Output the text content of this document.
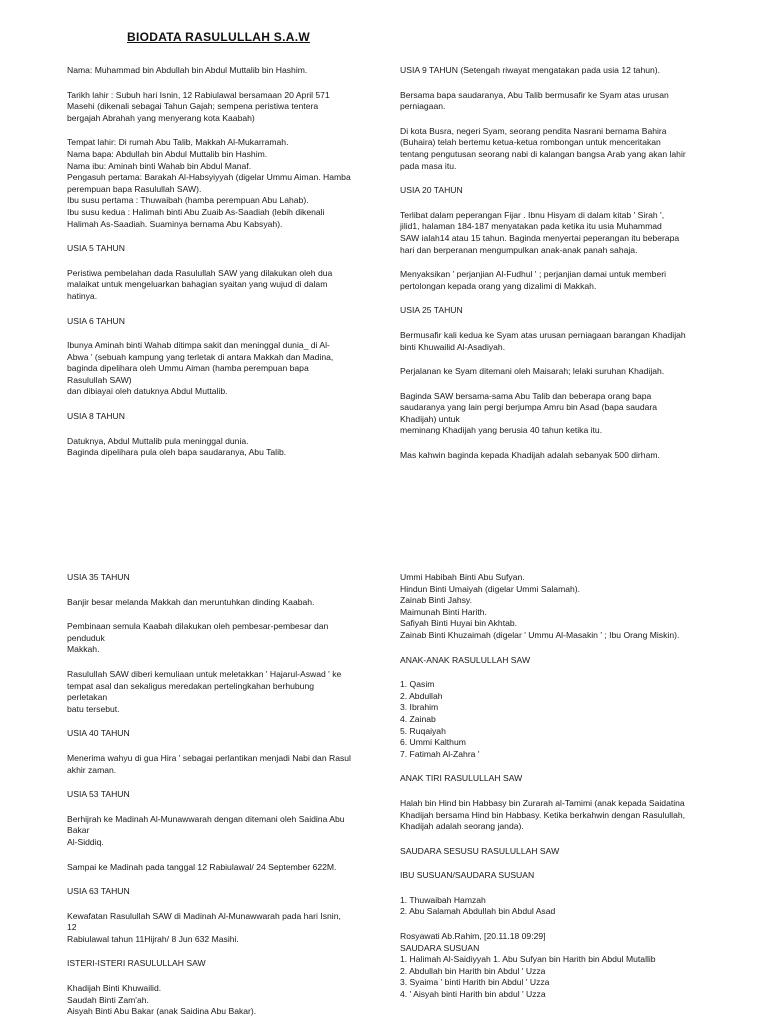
BIODATA RASULULLAH S.A.W

Nama: Muhammad bin Abdullah bin Abdul Muttalib bin Hashim.

Tarikh lahir : Subuh hari Isnin, 12 Rabiulawal bersamaan 20 April 571
Masehi (dikenali sebagai Tahun Gajah; sempena peristiwa tentera
bergajah Abrahah yang menyerang kota Kaabah)

Tempat lahir: Di rumah Abu Talib, Makkah Al-Mukarramah.
Nama bapa: Abdullah bin Abdul Muttalib bin Hashim.
Nama ibu: Aminah binti Wahab bin Abdul Manaf.
Pengasuh pertama: Barakah Al-Habsyiyyah (digelar Ummu Aiman. Hamba
perempuan bapa Rasulullah SAW).
Ibu susu pertama : Thuwaibah (hamba perempuan Abu Lahab).
Ibu susu kedua : Halimah binti Abu Zuaib As-Saadiah (lebih dikenali
Halimah As-Saadiah. Suaminya bernama Abu Kabsyah).

USIA 5 TAHUN

Peristiwa pembelahan dada Rasulullah SAW yang dilakukan oleh dua
malaikat untuk mengeluarkan bahagian syaitan yang wujud di dalam
hatinya.

USIA 6 TAHUN

Ibunya Aminah binti Wahab ditimpa sakit dan meninggal dunia_ di Al-
Abwa ' (sebuah kampung yang terletak di antara Makkah dan Madina,
baginda dipelihara oleh Ummu Aiman (hamba perempuan bapa
Rasulullah SAW)
dan dibiayai oleh datuknya Abdul Muttalib.

USIA 8 TAHUN

Datuknya, Abdul Muttalib pula meninggal dunia.
Baginda dipelihara pula oleh bapa saudaranya, Abu Talib.

USIA 9 TAHUN (Setengah riwayat mengatakan pada usia 12 tahun).

Bersama bapa saudaranya, Abu Talib bermusafir ke Syam atas urusan
perniagaan.

Di kota Busra, negeri Syam, seorang pendita Nasrani bernama Bahira
(Buhaira) telah bertemu ketua-ketua rombongan untuk menceritakan
tentang pengutusan seorang nabi di kalangan bangsa Arab yang akan lahir
pada masa itu.

USIA 20 TAHUN

Terlibat dalam peperangan Fijar . Ibnu Hisyam di dalam kitab ' Sirah ',
jilid1, halaman 184-187 menyatakan pada ketika itu usia Muhammad
SAW ialah14 atau 15 tahun. Baginda menyertai peperangan itu beberapa
hari dan berperanan mengumpulkan anak-anak panah sahaja.

Menyaksikan ' perjanjian Al-Fudhul ' ; perjanjian damai untuk memberi
pertolongan kepada orang yang dizalimi di Makkah.

USIA 25 TAHUN

Bermusafir kali kedua ke Syam atas urusan perniagaan barangan Khadijah
binti Khuwailid Al-Asadiyah.

Perjalanan ke Syam ditemani oleh Maisarah; lelaki suruhan Khadijah.

Baginda SAW bersama-sama Abu Talib dan beberapa orang bapa
saudaranya yang lain pergi berjumpa Amru bin Asad (bapa saudara
Khadijah) untuk
meminang Khadijah yang berusia 40 tahun ketika itu.

Mas kahwin baginda kepada Khadijah adalah sebanyak 500 dirham.

USIA 35 TAHUN

Banjir besar melanda Makkah dan meruntuhkan dinding Kaabah.

Pembinaan semula Kaabah dilakukan oleh pembesar-pembesar dan
penduduk
Makkah.

Rasulullah SAW diberi kemuliaan untuk meletakkan ' Hajarul-Aswad ' ke
tempat asal dan sekaligus meredakan pertelingkahan berhubung
perletakan
batu tersebut.

USIA 40 TAHUN

Menerima wahyu di gua Hira ' sebagai perlantikan menjadi Nabi dan Rasul
akhir zaman.

USIA 53 TAHUN

Berhijrah ke Madinah Al-Munawwarah dengan ditemani oleh Saidina Abu
Bakar
Al-Siddiq.

Sampai ke Madinah pada tanggal 12 Rabiulawal/ 24 September 622M.

USIA 63 TAHUN

Kewafatan Rasulullah SAW di Madinah Al-Munawwarah pada hari Isnin,
12
Rabiulawal tahun 11Hijrah/ 8 Jun 632 Masihi.

ISTERI-ISTERI RASULULLAH SAW

Khadijah Binti Khuwailid.
Saudah Binti Zam'ah.
Aisyah Binti Abu Bakar (anak Saidina Abu Bakar).

Ummi Habibah Binti Abu Sufyan.
Hindun Binti Umaiyah (digelar Ummi Salamah).
Zainab Binti Jahsy.
Maimunah Binti Harith.
Safiyah Binti Huyai bin Akhtab.
Zainab Binti Khuzaimah (digelar ' Ummu Al-Masakin ' ; Ibu Orang Miskin).

ANAK-ANAK RASULULLAH SAW

1. Qasim
2. Abdullah
3. Ibrahim
4. Zainab
5. Ruqaiyah
6. Ummi Kalthum
7. Fatimah Al-Zahra '

ANAK TIRI RASULULLAH SAW

Halah bin Hind bin Habbasy bin Zurarah al-Tamimi (anak kepada Saidatina
Khadijah bersama Hind bin Habbasy. Ketika berkahwin dengan Rasulullah,
Khadijah adalah seorang janda).

SAUDARA SESUSU RASULULLAH SAW

IBU SUSUAN/SAUDARA SUSUAN

1. Thuwaibah Hamzah
2. Abu Salamah Abdullah bin Abdul Asad

Rosyawati Ab.Rahim, [20.11.18 09:29]
SAUDARA SUSUAN
1. Halimah Al-Saidiyyah 1. Abu Sufyan bin Harith bin Abdul Mutallib
2. Abdullah bin Harith bin Abdul ' Uzza
3. Syaima ' binti Harith bin Abdul ' Uzza
4. ' Aisyah binti Harith bin abdul ' Uzza
